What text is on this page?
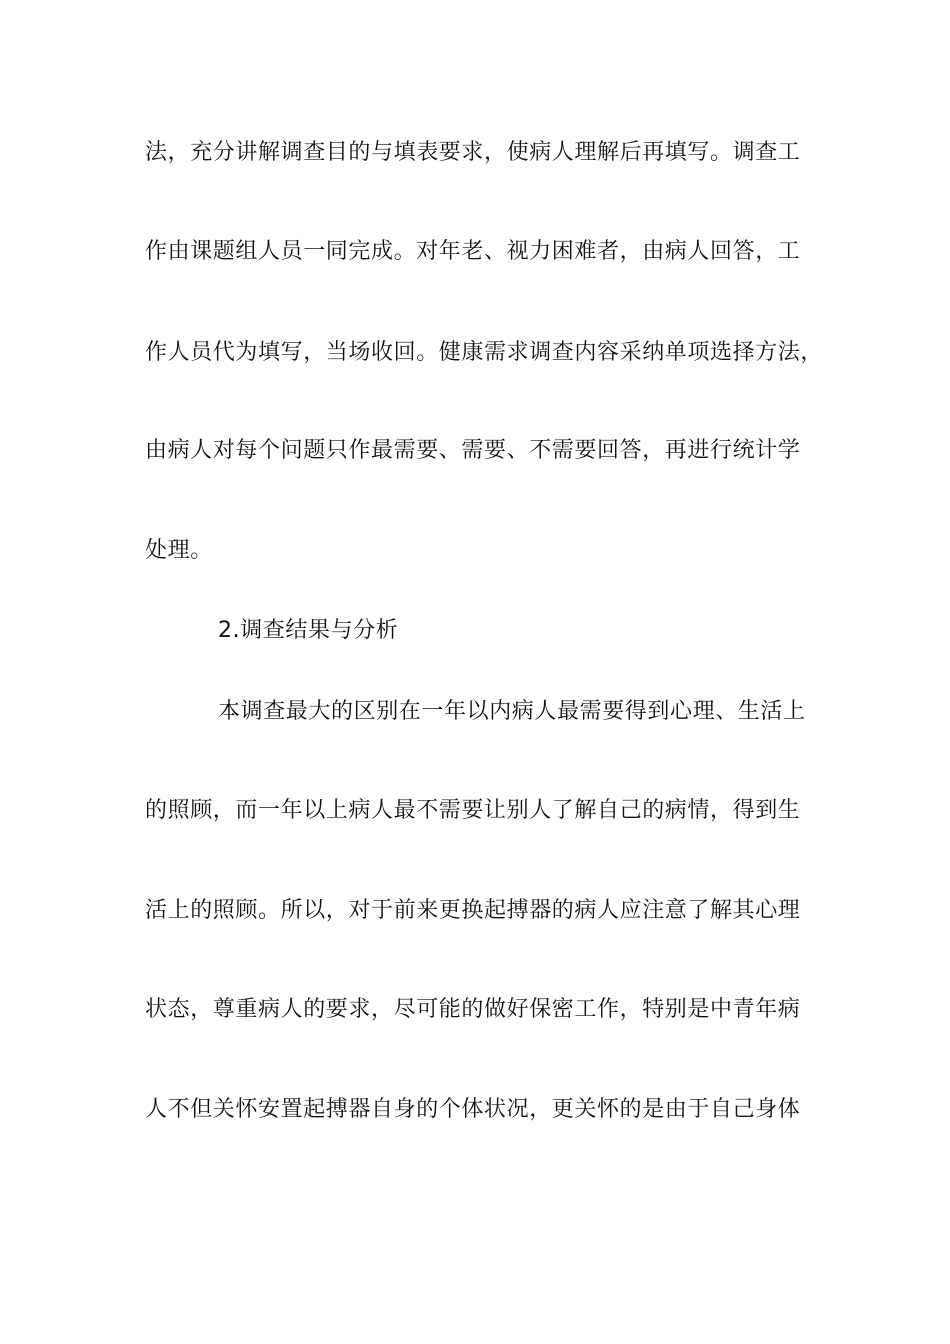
法，充分讲解调查目的与填表要求，使病人理解后再填写。调查工
作由课题组人员一同完成。对年老、视力困难者，由病人回答，工
作人员代为填写，当场收回。健康需求调查内容采纳单项选择方法，
由病人对每个问题只作最需要、需要、不需要回答，再进行统计学
处理。
2.调查结果与分析
本调查最大的区别在一年以内病人最需要得到心理、生活上
的照顾，而一年以上病人最不需要让别人了解自己的病情，得到生
活上的照顾。所以，对于前来更换起搏器的病人应注意了解其心理
状态，尊重病人的要求，尽可能的做好保密工作，特别是中青年病
人不但关怀安置起搏器自身的个体状况，更关怀的是由于自己身体
